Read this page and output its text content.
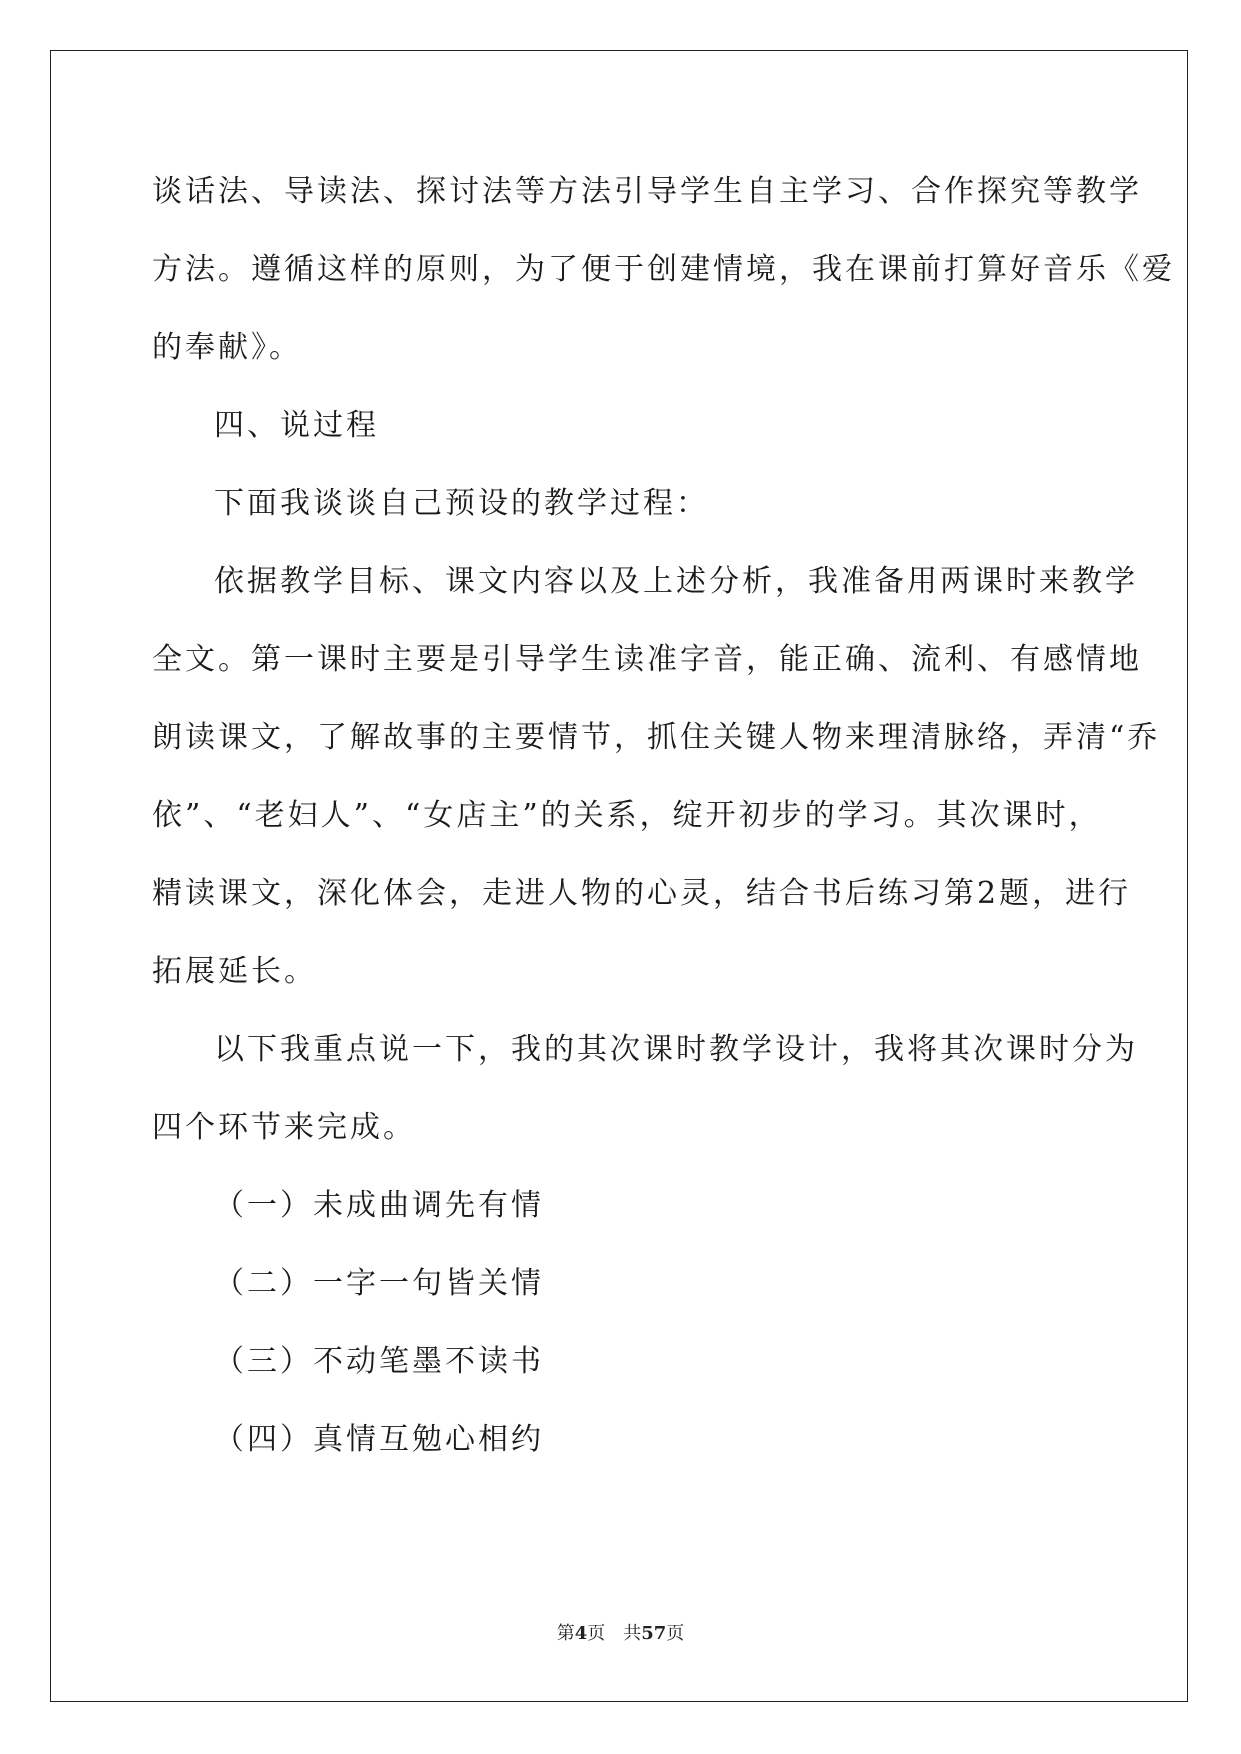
谈话法、导读法、探讨法等方法引导学生自主学习、合作探究等教学
方法。遵循这样的原则，为了便于创建情境，我在课前打算好音乐《爱
的奉献》。
四、说过程
下面我谈谈自己预设的教学过程：
依据教学目标、课文内容以及上述分析，我准备用两课时来教学
全文。第一课时主要是引导学生读准字音，能正确、流利、有感情地
朗读课文，了解故事的主要情节，抓住关键人物来理清脉络，弄清“乔
依”、“老妇人”、“女店主”的关系，绽开初步的学习。其次课时，
精读课文，深化体会，走进人物的心灵，结合书后练习第2题，进行
拓展延长。
以下我重点说一下，我的其次课时教学设计，我将其次课时分为
四个环节来完成。
（一）未成曲调先有情
（二）一字一句皆关情
（三）不动笔墨不读书
（四）真情互勉心相约
第4页 共57页
